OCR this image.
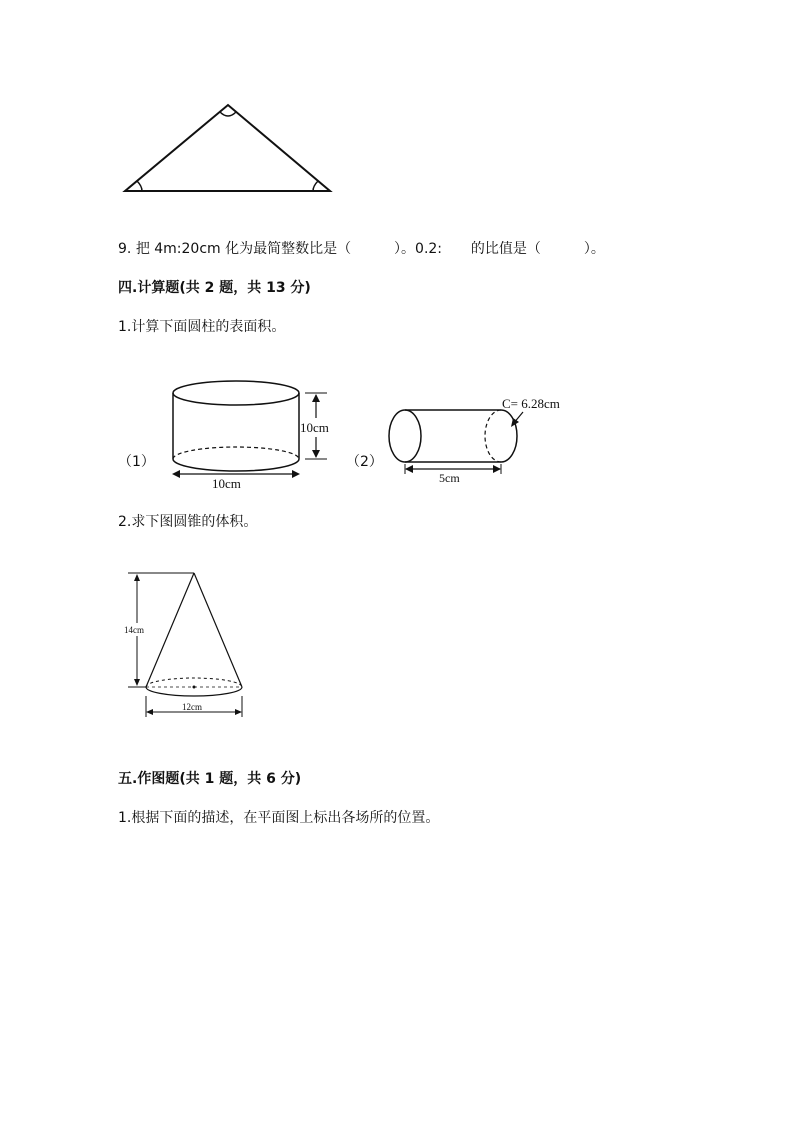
9. 把 4m:20cm 化为最简整数比是（	）。0.2: 的比值是（	）。
四.计算题(共 2 题，共 13 分)
1.计算下面圆柱的表面积。
（1）
10cm
10cm
（2）
C= 6.28cm
5cm
2.求下图圆锥的体积。
14cm
12cm
五.作图题(共 1 题，共 6 分)
1.根据下面的描述，在平面图上标出各场所的位置。
